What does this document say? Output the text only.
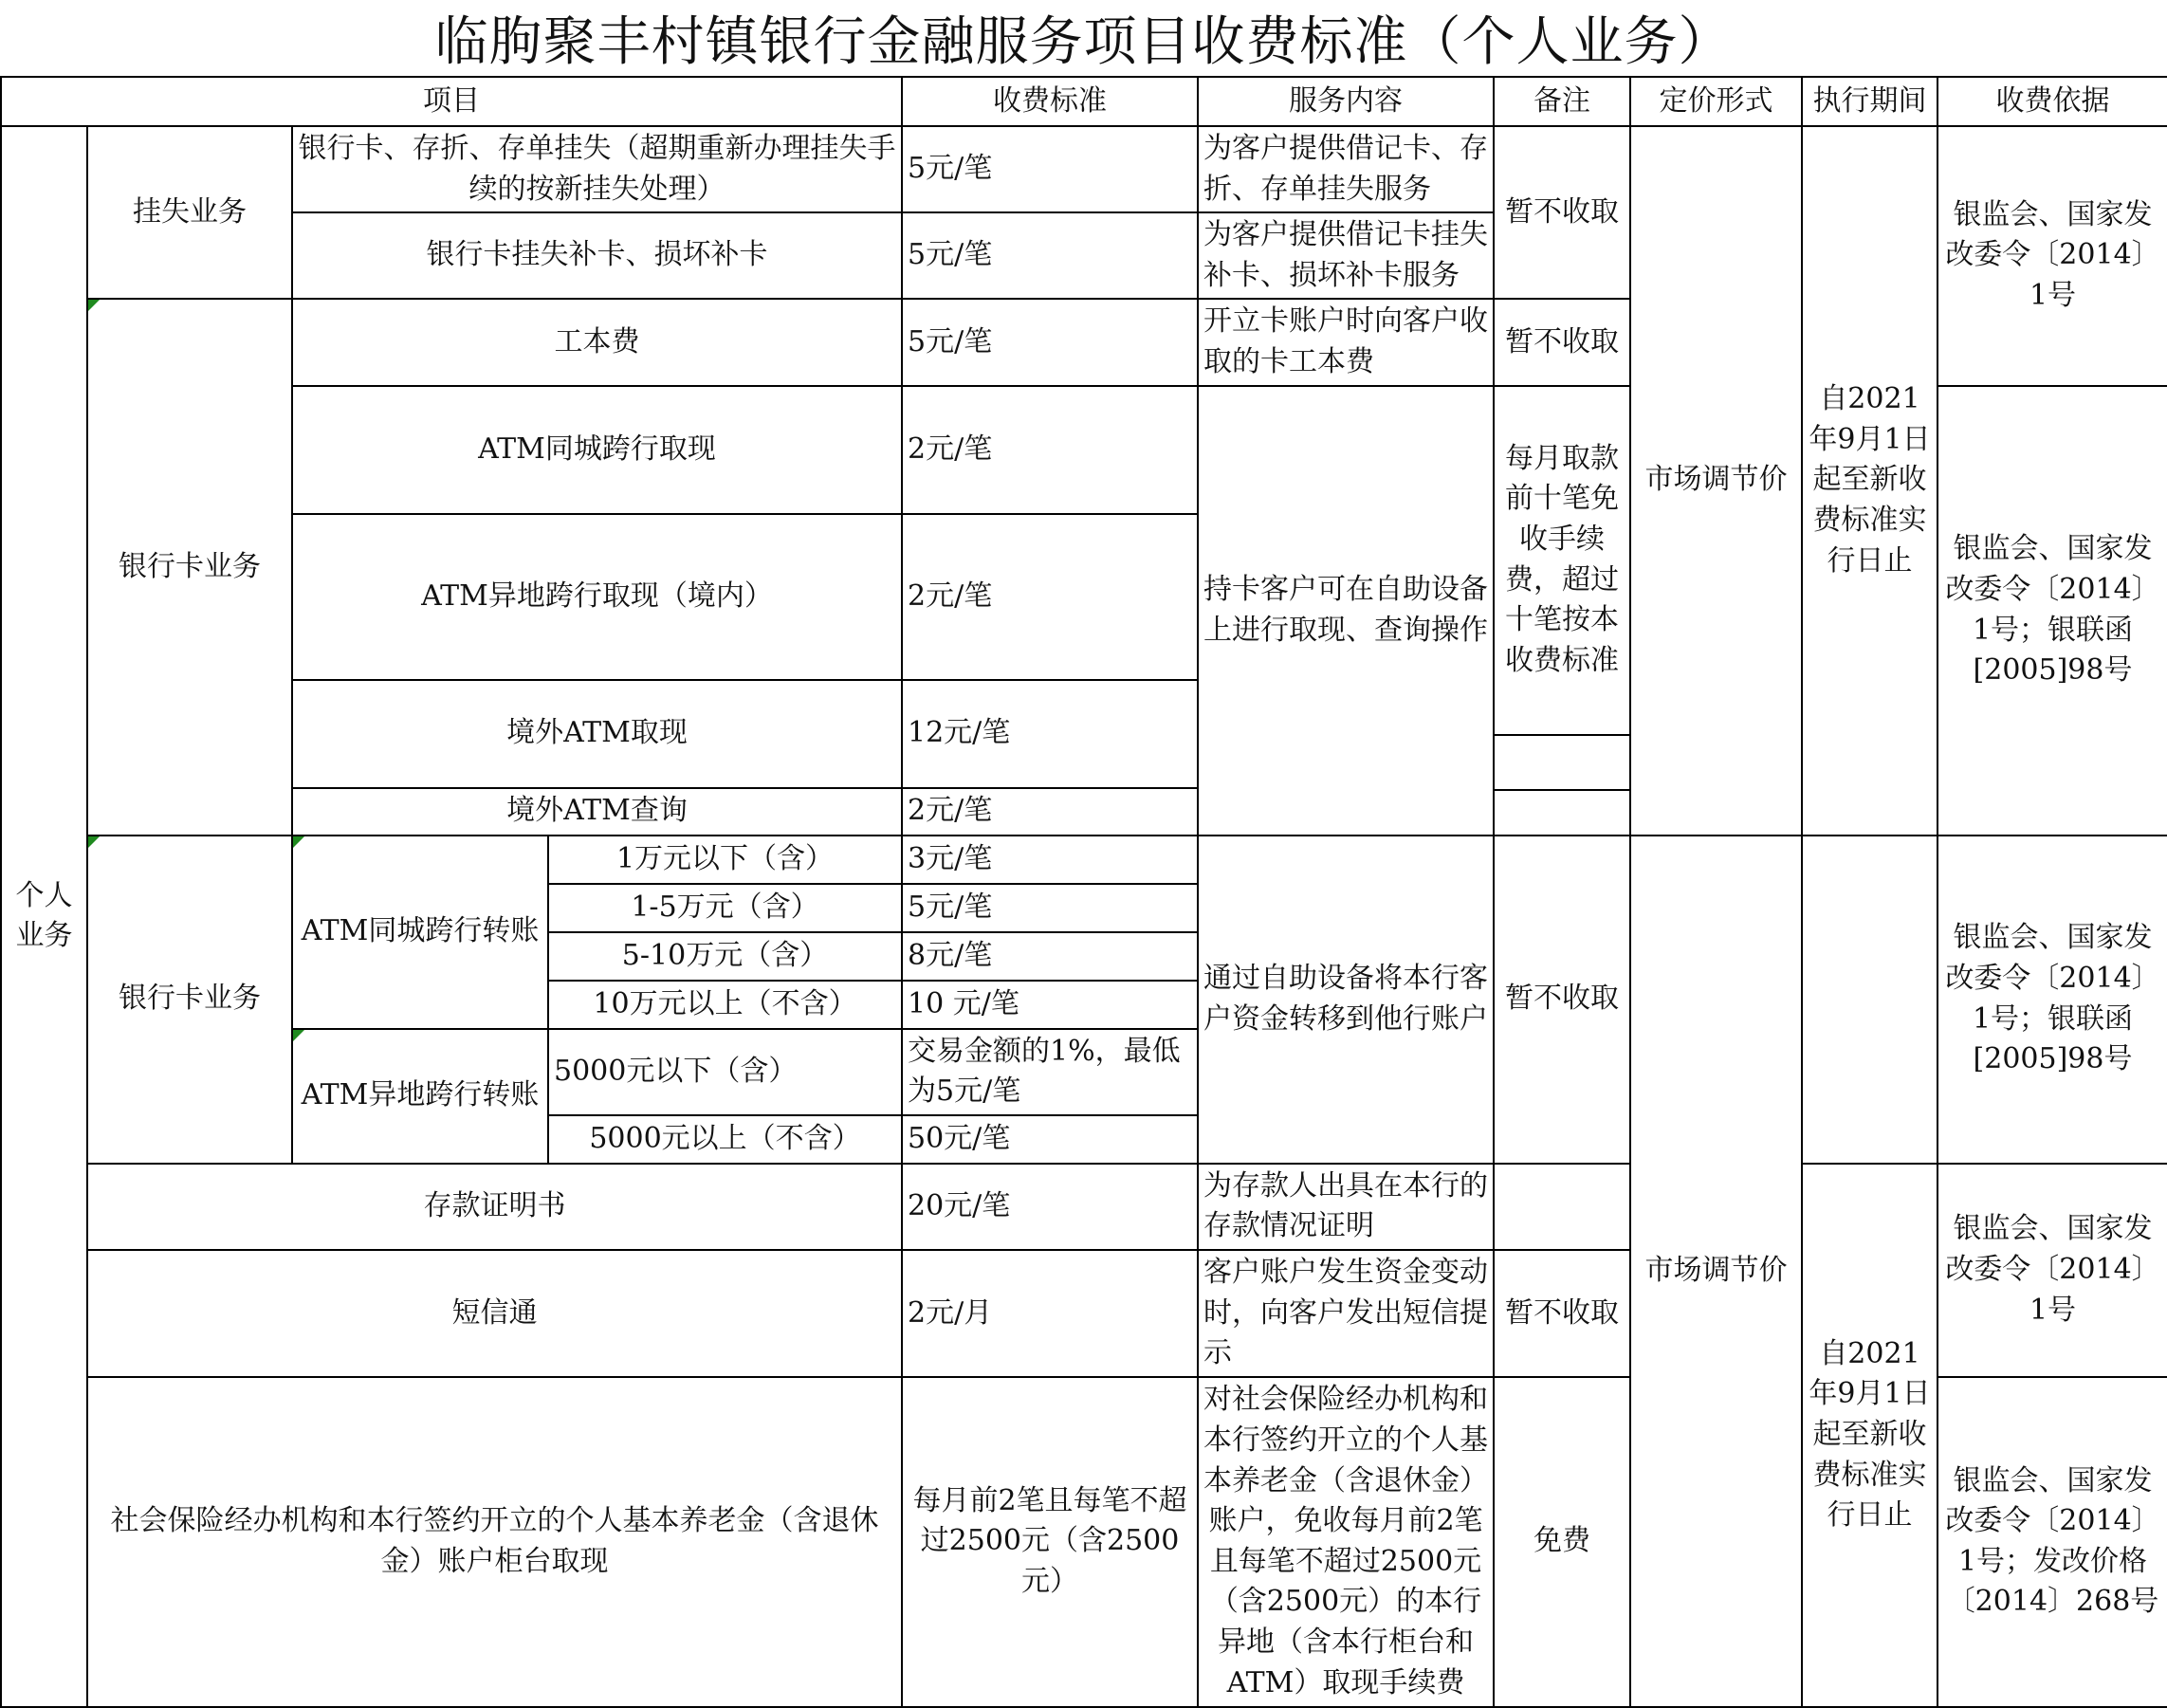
临朐聚丰村镇银行金融服务项目收费标准（个人业务）
项目				收费标准	服务内容	备注	定价形式	执行期间	收费依据
个人业务	挂失业务	银行卡、存折、存单挂失（超期重新办理挂失手续的按新挂失处理）		5元/笔	为客户提供借记卡、存折、存单挂失服务	暂不收取	市场调节价	自2021年9月1日起至新收费标准实行日止	银监会、国家发改委令〔2014〕1号
		银行卡挂失补卡、损坏补卡		5元/笔	为客户提供借记卡挂失补卡、损坏补卡服务				
	银行卡业务	工本费		5元/笔	开立卡账户时向客户收取的卡工本费	暂不收取			
		ATM同城跨行取现		2元/笔	持卡客户可在自助设备上进行取现、查询操作	每月取款前十笔免收手续费，超过十笔按本收费标准			银监会、国家发改委令〔2014〕1号；银联函[2005]98号
		ATM异地跨行取现（境内）		2元/笔					
		境外ATM取现		12元/笔					

		境外ATM查询		2元/笔					

	银行卡业务	ATM同城跨行转账	1万元以下（含）	3元/笔	通过自助设备将本行客户资金转移到他行账户	暂不收取	市场调节价		银监会、国家发改委令〔2014〕1号；银联函[2005]98号
			1-5万元（含）	5元/笔					
			5-10万元（含）	8元/笔					
			10万元以上（不含）	10 元/笔					
		ATM异地跨行转账	5000元以下（含）	交易金额的1%，最低为5元/笔					
			5000元以上（不含）	50元/笔					
	存款证明书			20元/笔	为存款人出具在本行的存款情况证明			自2021年9月1日起至新收费标准实行日止	银监会、国家发改委令〔2014〕1号
	短信通			2元/月	客户账户发生资金变动时，向客户发出短信提示	暂不收取			

	社会保险经办机构和本行签约开立的个人基本养老金（含退休金）账户柜台取现			每月前2笔且每笔不超过2500元（含2500元）	对社会保险经办机构和本行签约开立的个人基本养老金（含退休金）账户，免收每月前2笔且每笔不超过2500元（含2500元）的本行异地（含本行柜台和ATM）取现手续费	免费			银监会、国家发改委令〔2014〕1号；发改价格〔2014〕268号
